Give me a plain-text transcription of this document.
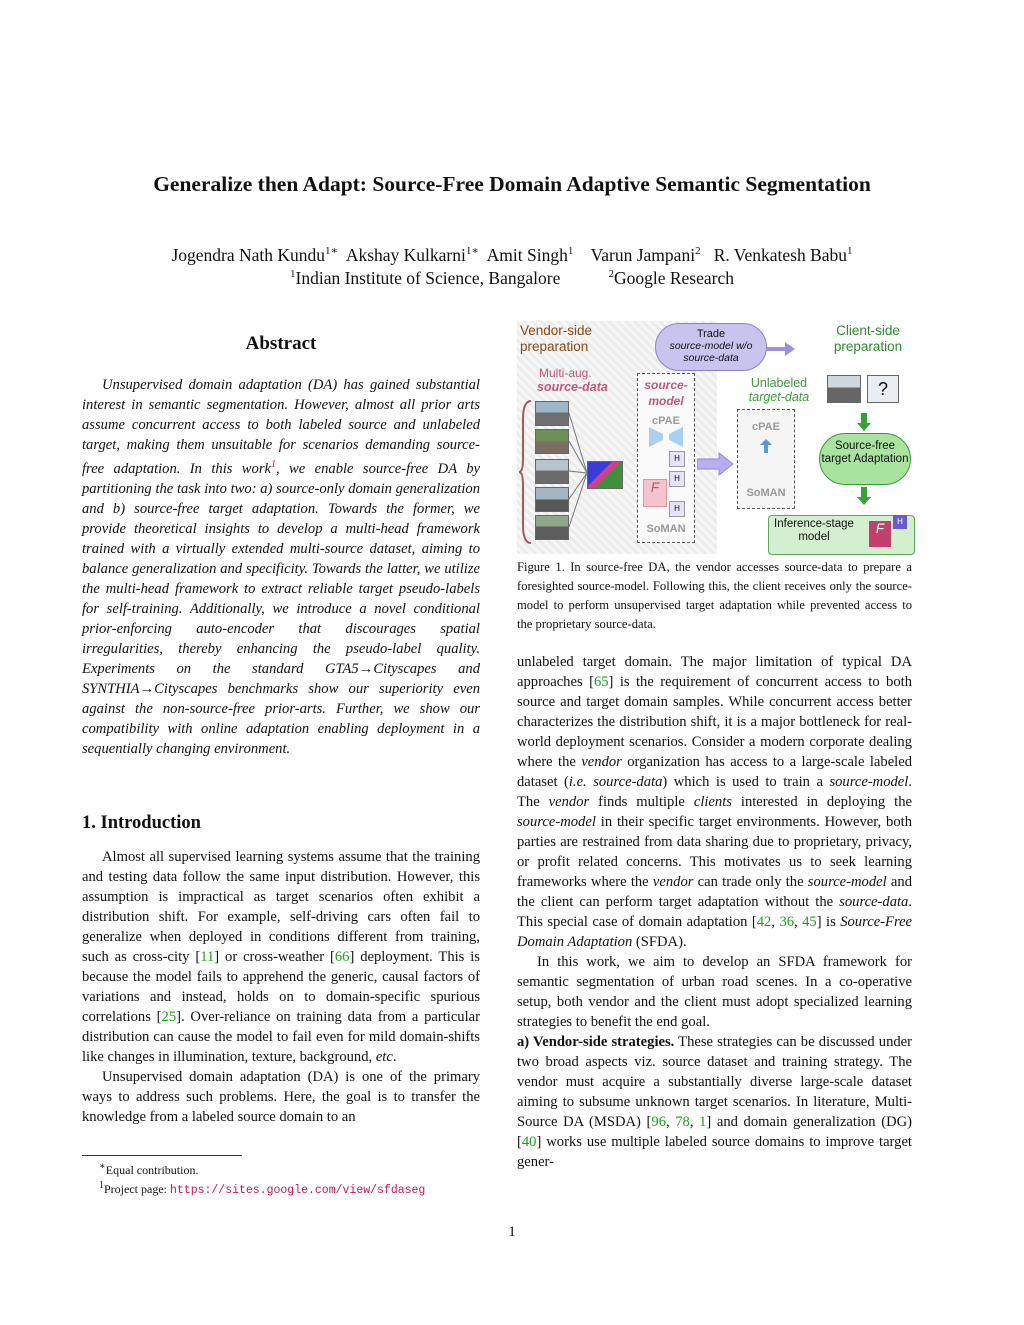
Generalize then Adapt: Source-Free Domain Adaptive Semantic Segmentation
Jogendra Nath Kundu$^{1∗}$ Akshay Kulkarni$^{1∗}$ Amit Singh$^1$ Varun Jampani$^2$ R. Venkatesh Babu$^1$
$^1$Indian Institute of Science, Bangalore	$^2$Google Research
Abstract

Unsupervised domain adaptation (DA) has gained substantial interest in semantic segmentation. However, almost all prior arts assume concurrent access to both labeled source and unlabeled target, making them unsuitable for scenarios demanding source-free adaptation. In this work$^1$, we enable source-free DA by partitioning the task into two: a) source-only domain generalization and b) source-free target adaptation. Towards the former, we provide theoretical insights to develop a multi-head framework trained with a virtually extended multi-source dataset, aiming to balance generalization and specificity. Towards the latter, we utilize the multi-head framework to extract reliable target pseudo-labels for self-training. Additionally, we introduce a novel conditional prior-enforcing auto-encoder that discourages spatial irregularities, thereby enhancing the pseudo-label quality. Experiments on the standard GTA5→Cityscapes and SYNTHIA→Cityscapes benchmarks show our superiority even against the non-source-free prior-arts. Further, we show our compatibility with online adaptation enabling deployment in a sequentially changing environment.

1. Introduction

Almost all supervised learning systems assume that the training and testing data follow the same input distribution. However, this assumption is impractical as target scenarios often exhibit a distribution shift. For example, self-driving cars often fail to generalize when deployed in conditions different from training, such as cross-city [11] or cross-weather [66] deployment. This is because the model fails to apprehend the generic, causal factors of variations and instead, holds on to domain-specific spurious correlations [25]. Over-reliance on training data from a particular distribution can cause the model to fail even for mild domain-shifts like changes in illumination, texture, background, etc.

Unsupervised domain adaptation (DA) is one of the primary ways to address such problems. Here, the goal is to transfer the knowledge from a labeled source domain to an

∗Equal contribution.

$^1$Project page: https://sites.google.com/view/sfdaseg

Vendor-side preparation
Client-side preparation
Trade
source-model w/o source-data
Multi-aug.
source-data	source- model
cPAE
F
H
H
H
SoMAN
cPAE
SoMAN
Unlabeled
target-data	?
Source-free target Adaptation
Inference-stage model
F	H
Figure 1. In source-free DA, the vendor accesses source-data to prepare a foresighted source-model. Following this, the client receives only the source-model to perform unsupervised target adaptation while prevented access to the proprietary source-data.

unlabeled target domain. The major limitation of typical DA approaches [65] is the requirement of concurrent access to both source and target domain samples. While concurrent access better characterizes the distribution shift, it is a major bottleneck for real-world deployment scenarios. Consider a modern corporate dealing where the vendor organization has access to a large-scale labeled dataset (i.e. source-data) which is used to train a source-model. The vendor finds multiple clients interested in deploying the source-model in their specific target environments. However, both parties are restrained from data sharing due to proprietary, privacy, or profit related concerns. This motivates us to seek learning frameworks where the vendor can trade only the source-model and the client can perform target adaptation without the source-data. This special case of domain adaptation [42, 36, 45] is Source-Free Domain Adaptation (SFDA).

In this work, we aim to develop an SFDA framework for semantic segmentation of urban road scenes. In a co-operative setup, both vendor and the client must adopt specialized learning strategies to benefit the end goal.

a) Vendor-side strategies. These strategies can be discussed under two broad aspects viz. source dataset and training strategy. The vendor must acquire a substantially diverse large-scale dataset aiming to subsume unknown target scenarios. In literature, Multi-Source DA (MSDA) [96, 78, 1] and domain generalization (DG) [40] works use multiple labeled source domains to improve target gener-

1
